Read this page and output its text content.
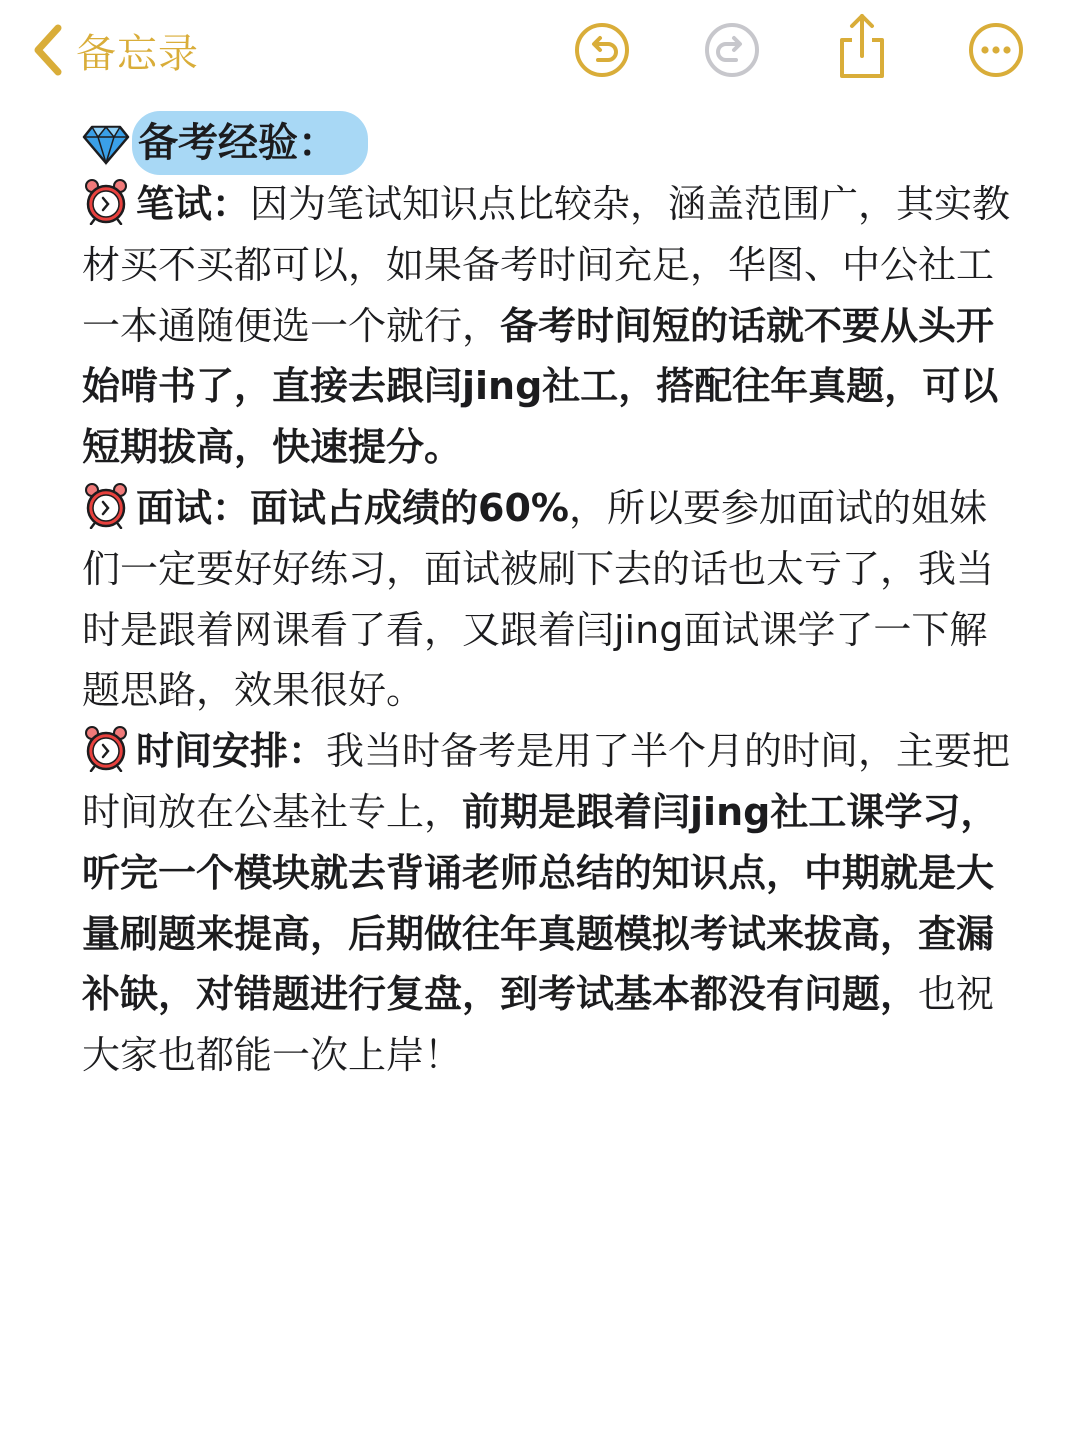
备忘录
备考经验：

笔试：因为笔试知识点比较杂，涵盖范围广，其实教材买不买都可以，如果备考时间充足，华图、中公社工一本通随便选一个就行，备考时间短的话就不要从头开始啃书了，直接去跟闫jing社工，搭配往年真题，可以短期拔高，快速提分。

面试：面试占成绩的60%，所以要参加面试的姐妹们一定要好好练习，面试被刷下去的话也太亏了，我当时是跟着网课看了看，又跟着闫jing面试课学了一下解题思路，效果很好。

时间安排：我当时备考是用了半个月的时间，主要把时间放在公基社专上，前期是跟着闫jing社工课学习，听完一个模块就去背诵老师总结的知识点，中期就是大量刷题来提高，后期做往年真题模拟考试来拔高，查漏补缺，对错题进行复盘，到考试基本都没有问题，也祝大家也都能一次上岸！
